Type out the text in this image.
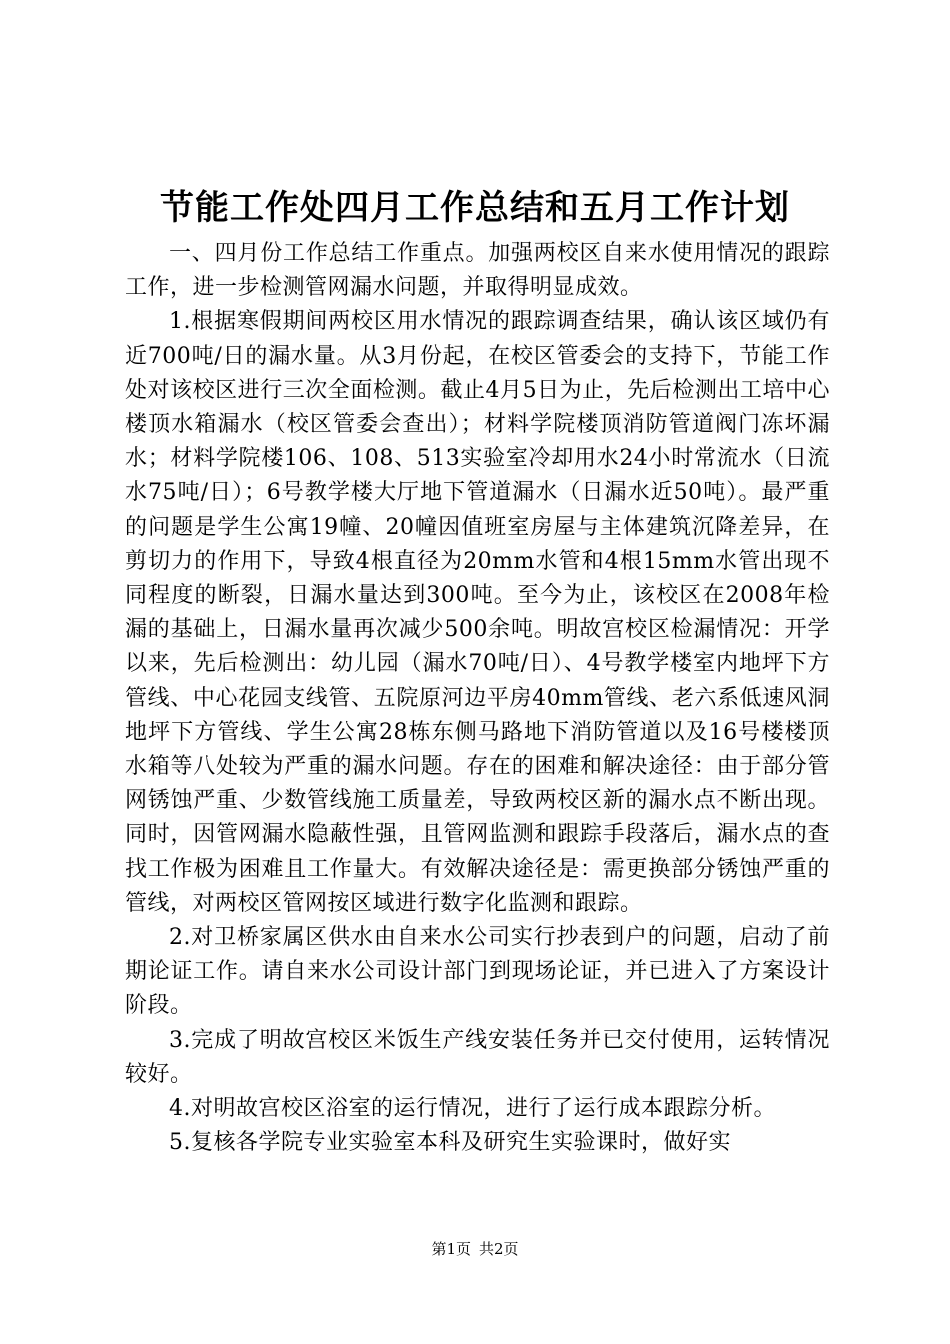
节能工作处四月工作总结和五月工作计划

一、四月份工作总结工作重点。加强两校区自来水使用情况的跟踪工作，进一步检测管网漏水问题，并取得明显成效。

1.根据寒假期间两校区用水情况的跟踪调查结果，确认该区域仍有近700吨/日的漏水量。从3月份起，在校区管委会的支持下，节能工作处对该校区进行三次全面检测。截止4月5日为止，先后检测出工培中心楼顶水箱漏水（校区管委会查出）；材料学院楼顶消防管道阀门冻坏漏水；材料学院楼106、108、513实验室冷却用水24小时常流水（日流水75吨/日）；6号教学楼大厅地下管道漏水（日漏水近50吨）。最严重的问题是学生公寓19幢、20幢因值班室房屋与主体建筑沉降差异，在剪切力的作用下，导致4根直径为20mm水管和4根15mm水管出现不同程度的断裂，日漏水量达到300吨。至今为止，该校区在2008年检漏的基础上，日漏水量再次减少500余吨。明故宫校区检漏情况：开学以来，先后检测出：幼儿园（漏水70吨/日）、4号教学楼室内地坪下方管线、中心花园支线管、五院原河边平房40mm管线、老六系低速风洞地坪下方管线、学生公寓28栋东侧马路地下消防管道以及16号楼楼顶水箱等八处较为严重的漏水问题。存在的困难和解决途径：由于部分管网锈蚀严重、少数管线施工质量差，导致两校区新的漏水点不断出现。同时，因管网漏水隐蔽性强，且管网监测和跟踪手段落后，漏水点的查找工作极为困难且工作量大。有效解决途径是：需更换部分锈蚀严重的管线，对两校区管网按区域进行数字化监测和跟踪。

2.对卫桥家属区供水由自来水公司实行抄表到户的问题，启动了前期论证工作。请自来水公司设计部门到现场论证，并已进入了方案设计阶段。

3.完成了明故宫校区米饭生产线安装任务并已交付使用，运转情况较好。

4.对明故宫校区浴室的运行情况，进行了运行成本跟踪分析。

5.复核各学院专业实验室本科及研究生实验课时，做好实

第1页 共2页
